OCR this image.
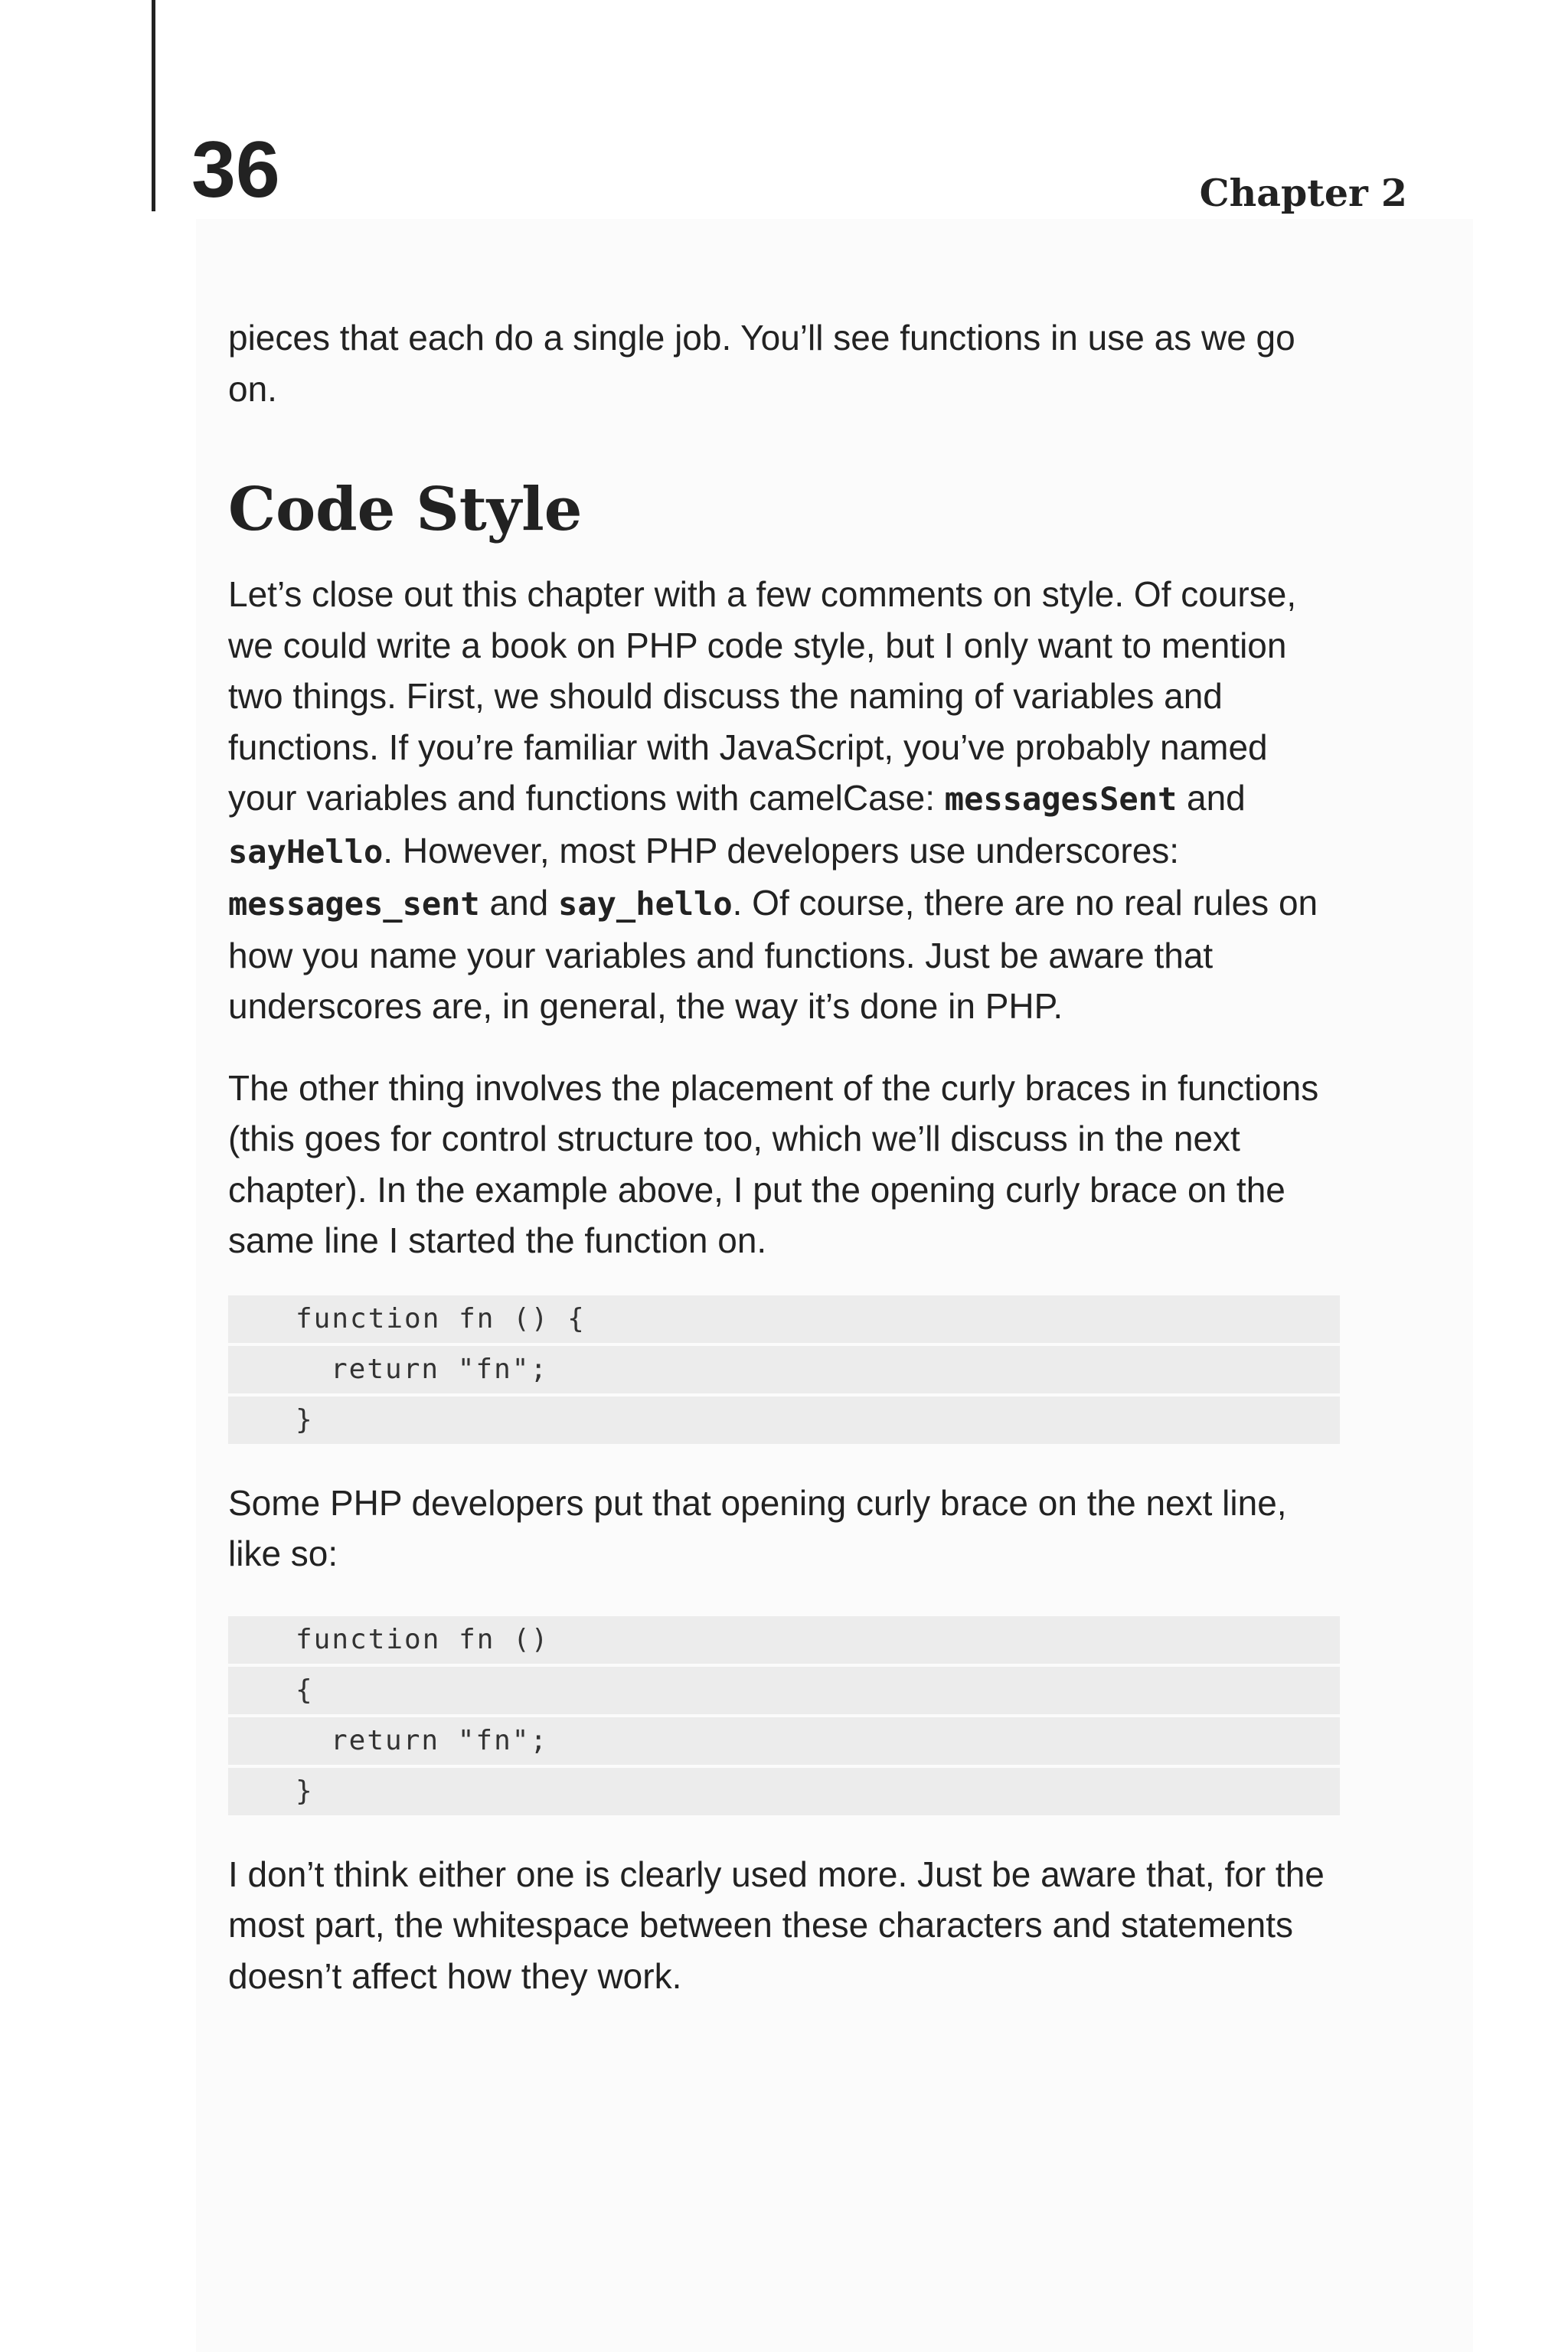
36	Chapter 2

pieces that each do a single job. You’ll see functions in use as we go on.

Code Style

Let’s close out this chapter with a few comments on style. Of course, we could write a book on PHP code style, but I only want to mention two things. First, we should discuss the naming of variables and functions. If you’re familiar with JavaScript, you’ve probably named your variables and functions with camelCase: messagesSent and sayHello. However, most PHP developers use underscores: messages_sent and say_hello. Of course, there are no real rules on how you name your variables and functions. Just be aware that underscores are, in general, the way it’s done in PHP.

The other thing involves the placement of the curly braces in functions (this goes for control structure too, which we’ll discuss in the next chapter). In the example above, I put the opening curly brace on the same line I started the function on.

function fn () {
return "fn";
}

Some PHP developers put that opening curly brace on the next line, like so:

function fn ()
{
return "fn";
}

I don’t think either one is clearly used more. Just be aware that, for the most part, the whitespace between these characters and statements doesn’t affect how they work.
